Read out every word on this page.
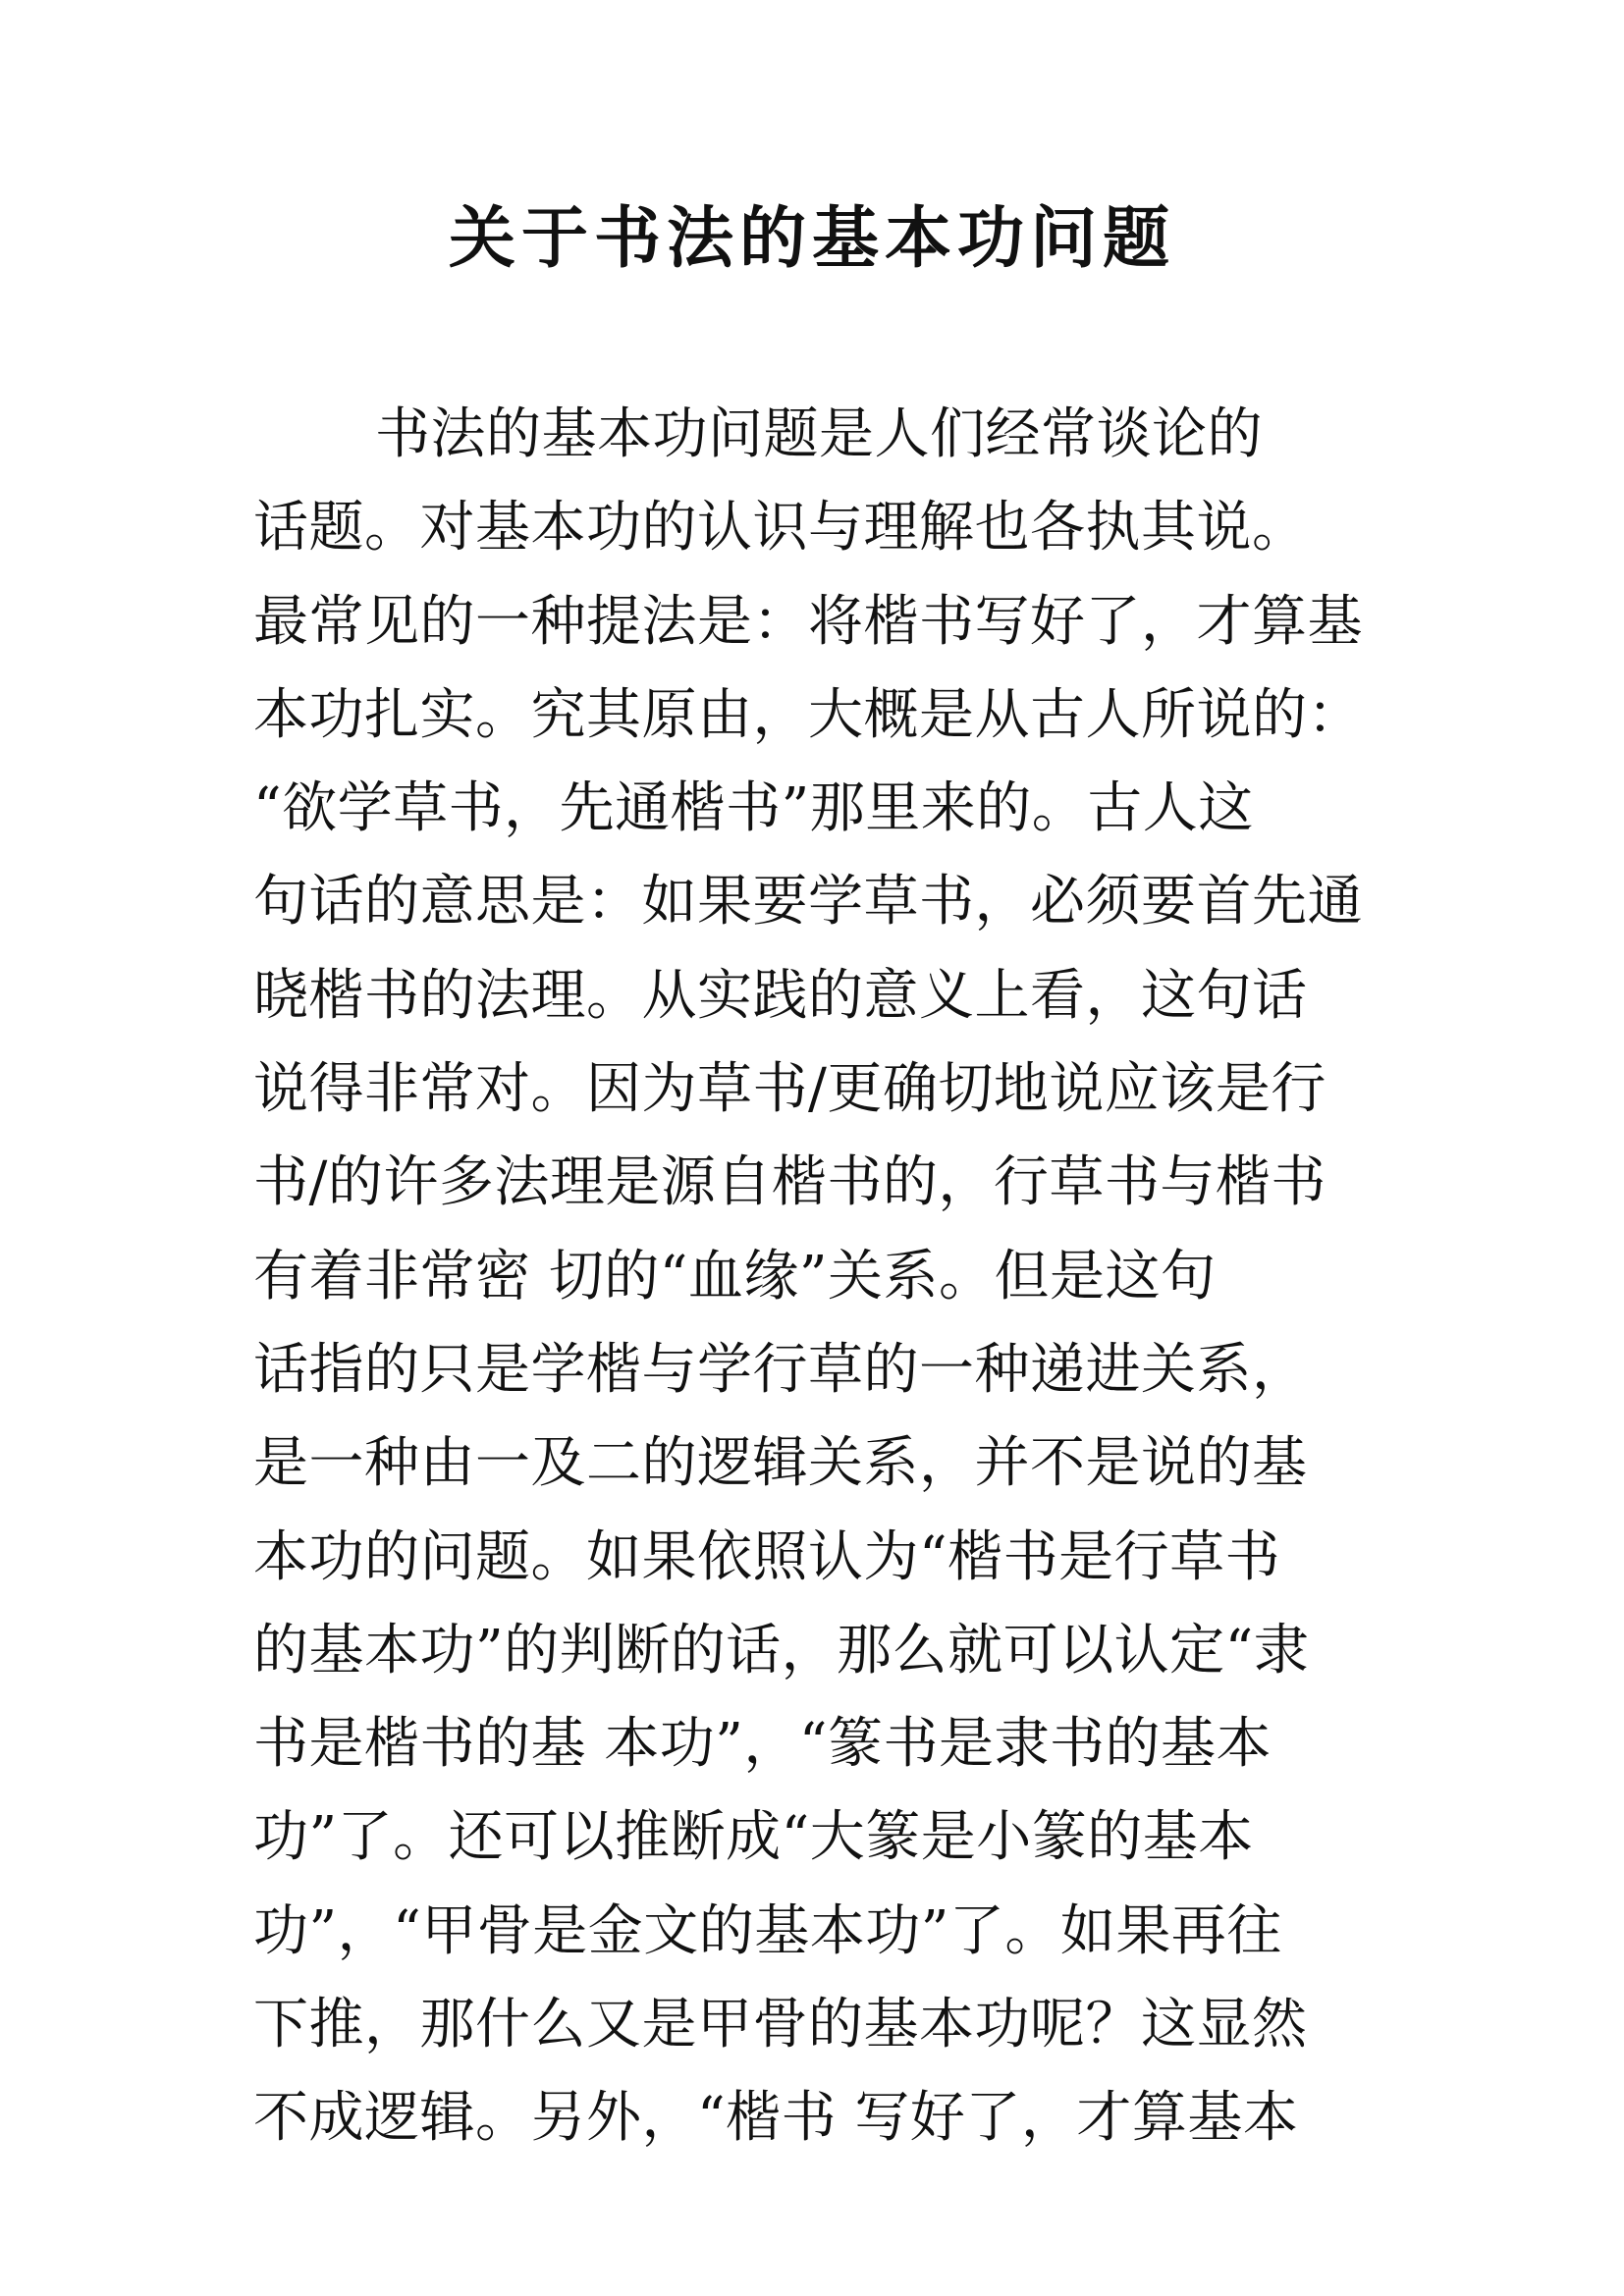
关于书法的基本功问题
书法的基本功问题是人们经常谈论的
话题。对基本功的认识与理解也各执其说。
最常见的一种提法是：将楷书写好了，才算基
本功扎实。究其原由，大概是从古人所说的：
“欲学草书，先通楷书”那里来的。古人这
句话的意思是：如果要学草书，必须要首先通
晓楷书的法理。从实践的意义上看，这句话
说得非常对。因为草书/更确切地说应该是行
书/的许多法理是源自楷书的，行草书与楷书
有着非常密 切的“血缘”关系。但是这句
话指的只是学楷与学行草的一种递进关系，
是一种由一及二的逻辑关系，并不是说的基
本功的问题。如果依照认为“楷书是行草书
的基本功”的判断的话，那么就可以认定“隶
书是楷书的基 本功”，“篆书是隶书的基本
功”了。还可以推断成“大篆是小篆的基本
功”，“甲骨是金文的基本功”了。如果再往
下推，那什么又是甲骨的基本功呢？这显然
不成逻辑。另外，“楷书 写好了，才算基本
